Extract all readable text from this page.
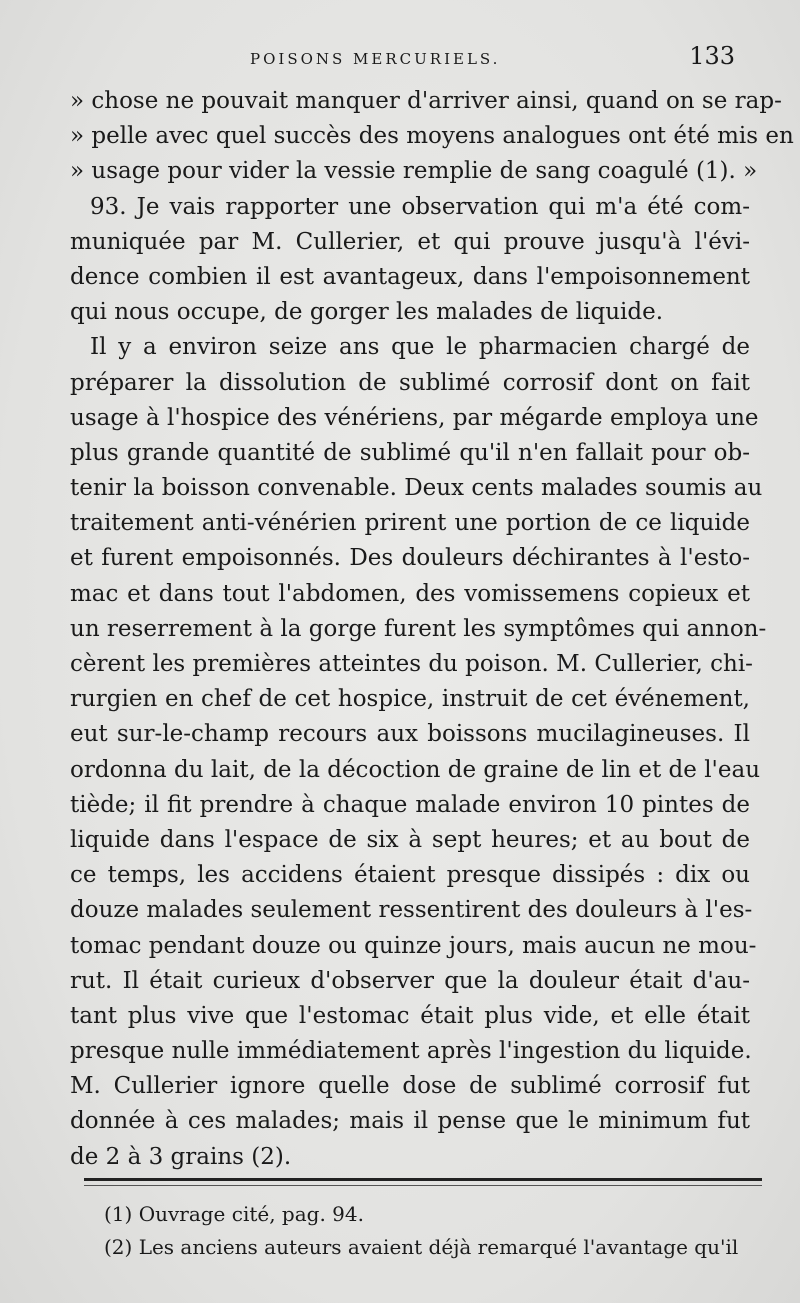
POISONS MERCURIELS.	133
» chose ne pouvait manquer d'arriver ainsi, quand on se rap-
» pelle avec quel succès des moyens analogues ont été mis en
» usage pour vider la vessie remplie de sang coagulé (1). »
93. Je vais rapporter une observation qui m'a été com-
muniquée par M. Cullerier, et qui prouve jusqu'à l'évi-
dence combien il est avantageux, dans l'empoisonnement
qui nous occupe, de gorger les malades de liquide.
Il y a environ seize ans que le pharmacien chargé de
préparer la dissolution de sublimé corrosif dont on fait
usage à l'hospice des vénériens, par mégarde employa une
plus grande quantité de sublimé qu'il n'en fallait pour ob-
tenir la boisson convenable. Deux cents malades soumis au
traitement anti-vénérien prirent une portion de ce liquide
et furent empoisonnés. Des douleurs déchirantes à l'esto-
mac et dans tout l'abdomen, des vomissemens copieux et
un reserrement à la gorge furent les symptômes qui annon-
cèrent les premières atteintes du poison. M. Cullerier, chi-
rurgien en chef de cet hospice, instruit de cet événement,
eut sur-le-champ recours aux boissons mucilagineuses. Il
ordonna du lait, de la décoction de graine de lin et de l'eau
tiède; il fit prendre à chaque malade environ 10 pintes de
liquide dans l'espace de six à sept heures; et au bout de
ce temps, les accidens étaient presque dissipés : dix ou
douze malades seulement ressentirent des douleurs à l'es-
tomac pendant douze ou quinze jours, mais aucun ne mou-
rut. Il était curieux d'observer que la douleur était d'au-
tant plus vive que l'estomac était plus vide, et elle était
presque nulle immédiatement après l'ingestion du liquide.
M. Cullerier ignore quelle dose de sublimé corrosif fut
donnée à ces malades; mais il pense que le minimum fut
de 2 à 3 grains (2).
(1) Ouvrage cité, pag. 94.
(2) Les anciens auteurs avaient déjà remarqué l'avantage qu'il
